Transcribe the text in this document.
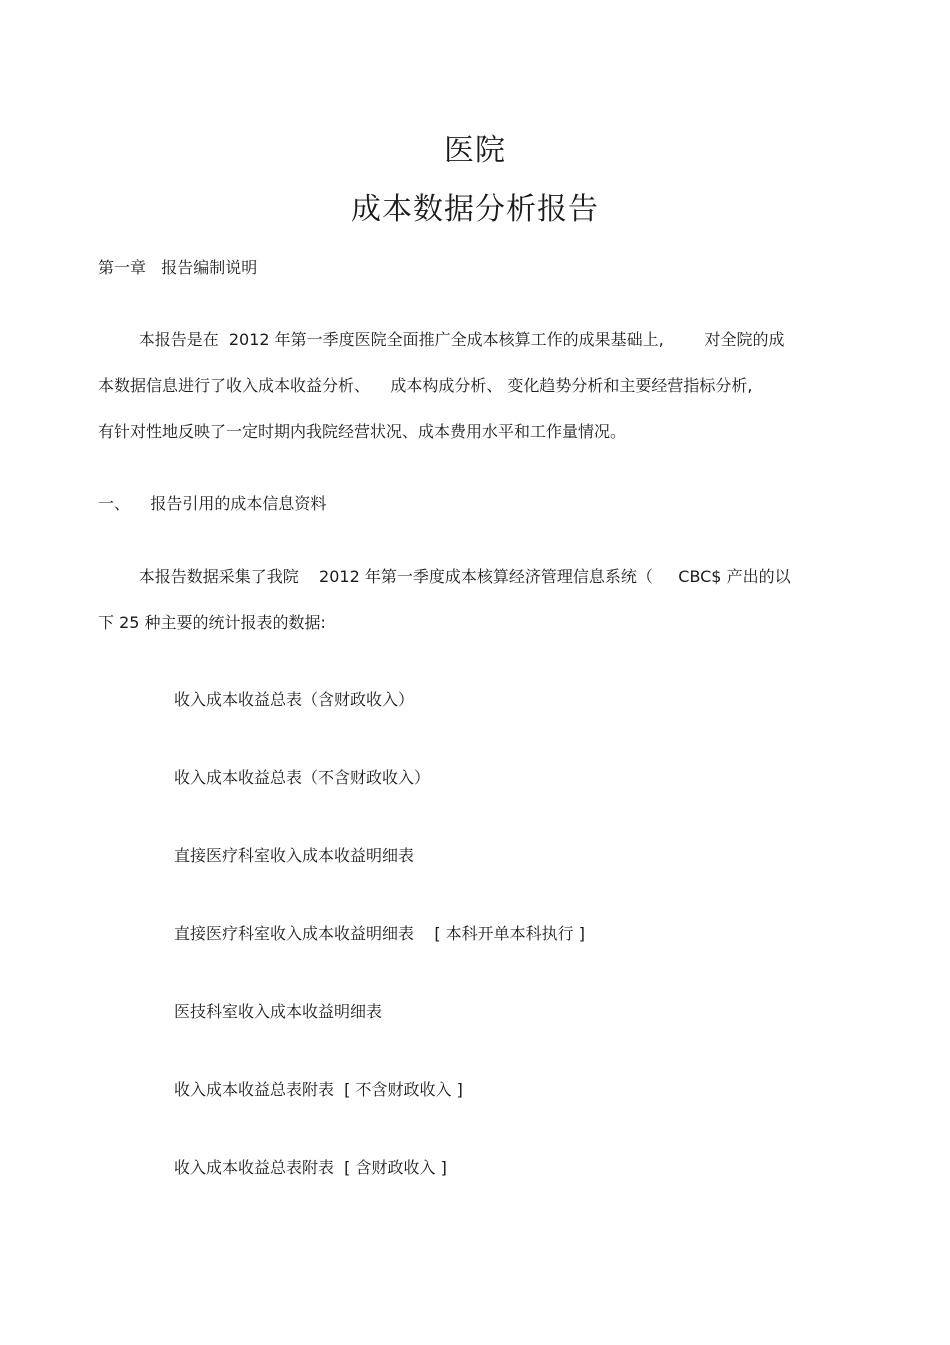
医院
成本数据分析报告
第一章   报告编制说明
本报告是在  2012 年第一季度医院全面推广全成本核算工作的成果基础上,        对全院的成
本数据信息进行了收入成本收益分析、    成本构成分析、 变化趋势分析和主要经营指标分析,
有针对性地反映了一定时期内我院经营状况、成本费用水平和工作量情况。
一、    报告引用的成本信息资料
本报告数据采集了我院    2012 年第一季度成本核算经济管理信息系统（     CBC$ 产出的以
下 25 种主要的统计报表的数据:
收入成本收益总表（含财政收入）
收入成本收益总表（不含财政收入）
直接医疗科室收入成本收益明细表
直接医疗科室收入成本收益明细表    [ 本科开单本科执行 ]
医技科室收入成本收益明细表
收入成本收益总表附表  [ 不含财政收入 ]
收入成本收益总表附表  [ 含财政收入 ]
